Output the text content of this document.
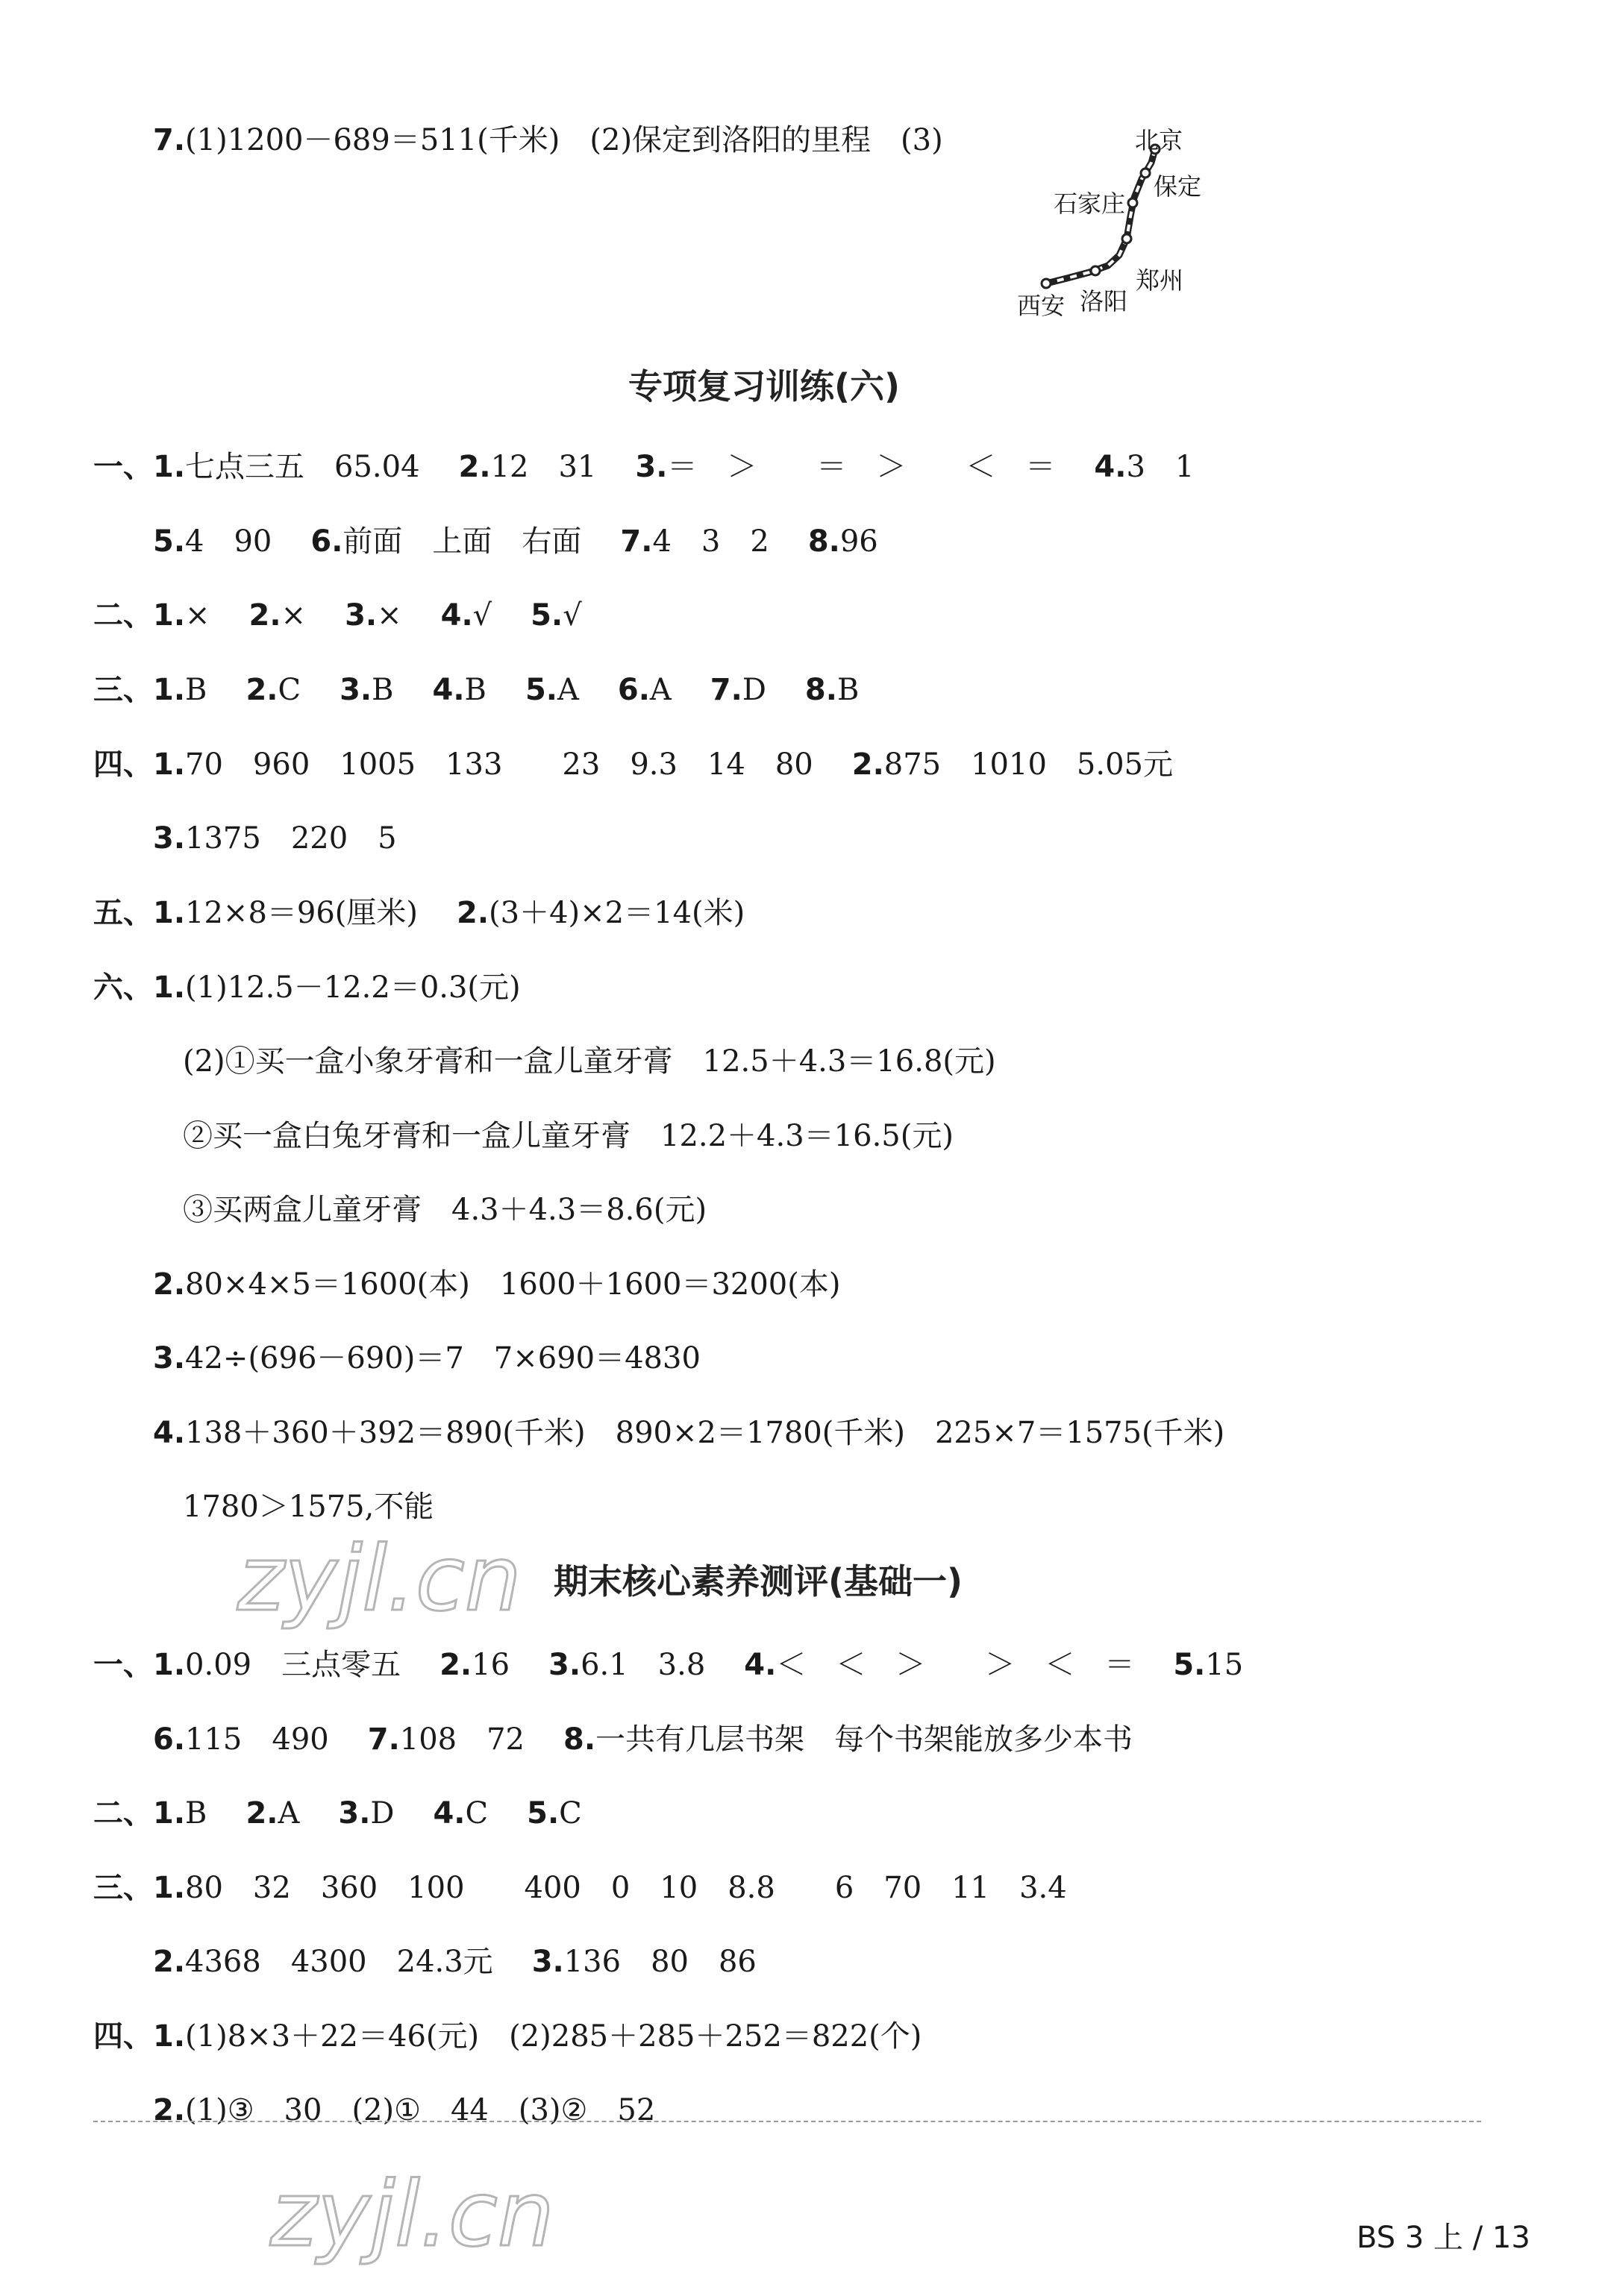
7.(1)1200－689＝511(千米)　(2)保定到洛阳的里程　(3)	北京
保定
石家庄
郑州
洛阳
西安
专项复习训练(六)
一、1.七点三五　65.04 2.12　31 3.＝　＞　　＝　＞　　＜　＝ 4.3　1
5.4　90 6.前面　上面　右面 7.4　3　2 8.96
二、1.× 2.× 3.× 4.√ 5.√
三、1.B 2.C 3.B 4.B 5.A 6.A 7.D 8.B
四、1.70　960　1005　133　　23　9.3　14　80 2.875　1010　5.05元
3.1375　220　5
五、1.12×8＝96(厘米) 2.(3＋4)×2＝14(米)
六、1.(1)12.5－12.2＝0.3(元)
(2)①买一盒小象牙膏和一盒儿童牙膏　12.5＋4.3＝16.8(元)
②买一盒白兔牙膏和一盒儿童牙膏　12.2＋4.3＝16.5(元)
③买两盒儿童牙膏　4.3＋4.3＝8.6(元)
2.80×4×5＝1600(本)　1600＋1600＝3200(本)
3.42÷(696－690)＝7　7×690＝4830
4.138＋360＋392＝890(千米)　890×2＝1780(千米)　225×7＝1575(千米)
1780＞1575,不能
zyjl.cn 期末核心素养测评(基础一)
一、1.0.09　三点零五 2.16 3.6.1　3.8 4.＜　＜　＞　　＞　＜　＝ 5.15
6.115　490 7.108　72 8.一共有几层书架　每个书架能放多少本书
二、1.B 2.A 3.D 4.C 5.C
三、1.80　32　360　100　　400　0　10　8.8　　6　70　11　3.4
2.4368　4300　24.3元 3.136　80　86
四、1.(1)8×3＋22＝46(元)　(2)285＋285＋252＝822(个)
2.(1)③　30　(2)①　44　(3)②　52
zyjl.cn	BS 3 上 / 13
